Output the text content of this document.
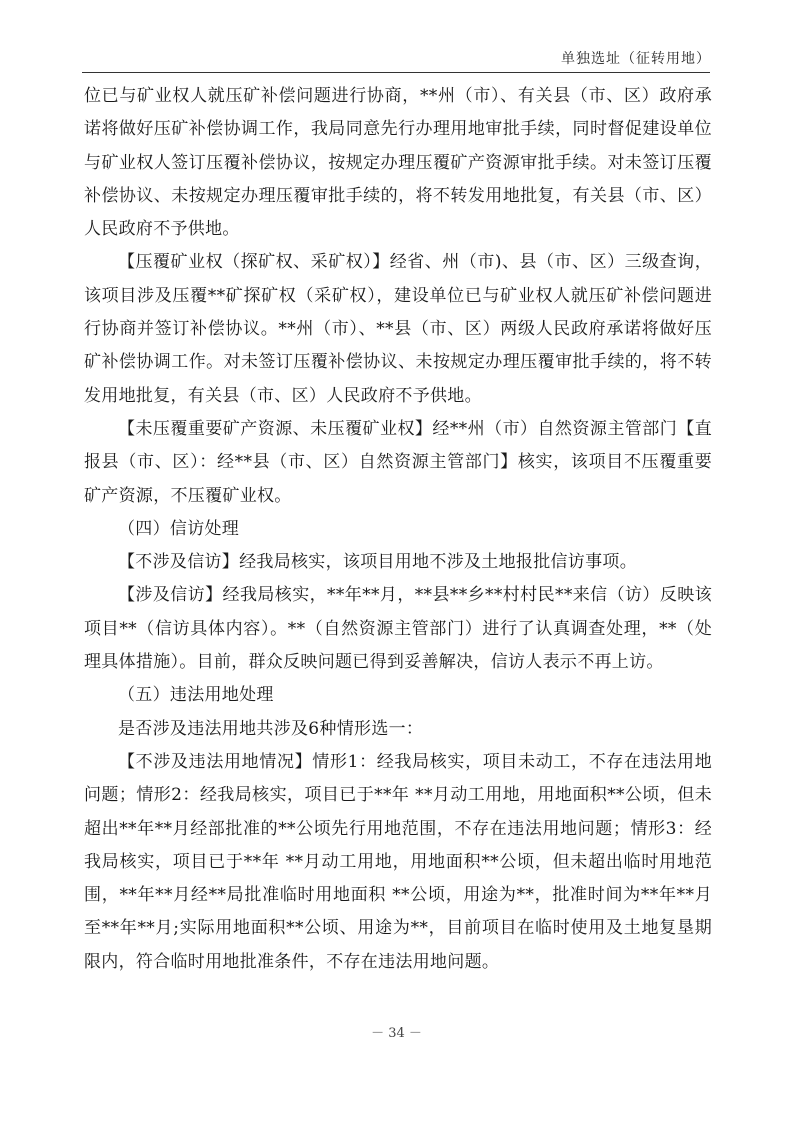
单独选址（征转用地）

位已与矿业权人就压矿补偿问题进行协商，**州（市）、有关县（市、区）政府承诺将做好压矿补偿协调工作，我局同意先行办理用地审批手续，同时督促建设单位与矿业权人签订压覆补偿协议，按规定办理压覆矿产资源审批手续。对未签订压覆补偿协议、未按规定办理压覆审批手续的，将不转发用地批复，有关县（市、区）人民政府不予供地。

【压覆矿业权（探矿权、采矿权）】经省、州（市)、县（市、区）三级查询，该项目涉及压覆**矿探矿权（采矿权），建设单位已与矿业权人就压矿补偿问题进行协商并签订补偿协议。**州（市）、**县（市、区）两级人民政府承诺将做好压矿补偿协调工作。对未签订压覆补偿协议、未按规定办理压覆审批手续的，将不转发用地批复，有关县（市、区）人民政府不予供地。

【未压覆重要矿产资源、未压覆矿业权】经**州（市）自然资源主管部门【直报县（市、区）：经**县（市、区）自然资源主管部门】核实，该项目不压覆重要矿产资源，不压覆矿业权。

（四）信访处理

【不涉及信访】经我局核实，该项目用地不涉及土地报批信访事项。

【涉及信访】经我局核实，**年**月，**县**乡**村村民**来信（访）反映该项目**（信访具体内容）。**（自然资源主管部门）进行了认真调查处理，**（处理具体措施）。目前，群众反映问题已得到妥善解决，信访人表示不再上访。

（五）违法用地处理

是否涉及违法用地共涉及6种情形选一：

【不涉及违法用地情况】情形1：经我局核实，项目未动工，不存在违法用地问题；情形2：经我局核实，项目已于**年 **月动工用地，用地面积**公顷，但未超出**年**月经部批准的**公顷先行用地范围，不存在违法用地问题；情形3：经我局核实，项目已于**年 **月动工用地，用地面积**公顷，但未超出临时用地范围，**年**月经**局批准临时用地面积 **公顷，用途为**，批准时间为**年**月至**年**月;实际用地面积**公顷、用途为**，目前项目在临时使用及土地复垦期限内，符合临时用地批准条件，不存在违法用地问题。

－ 34 －
